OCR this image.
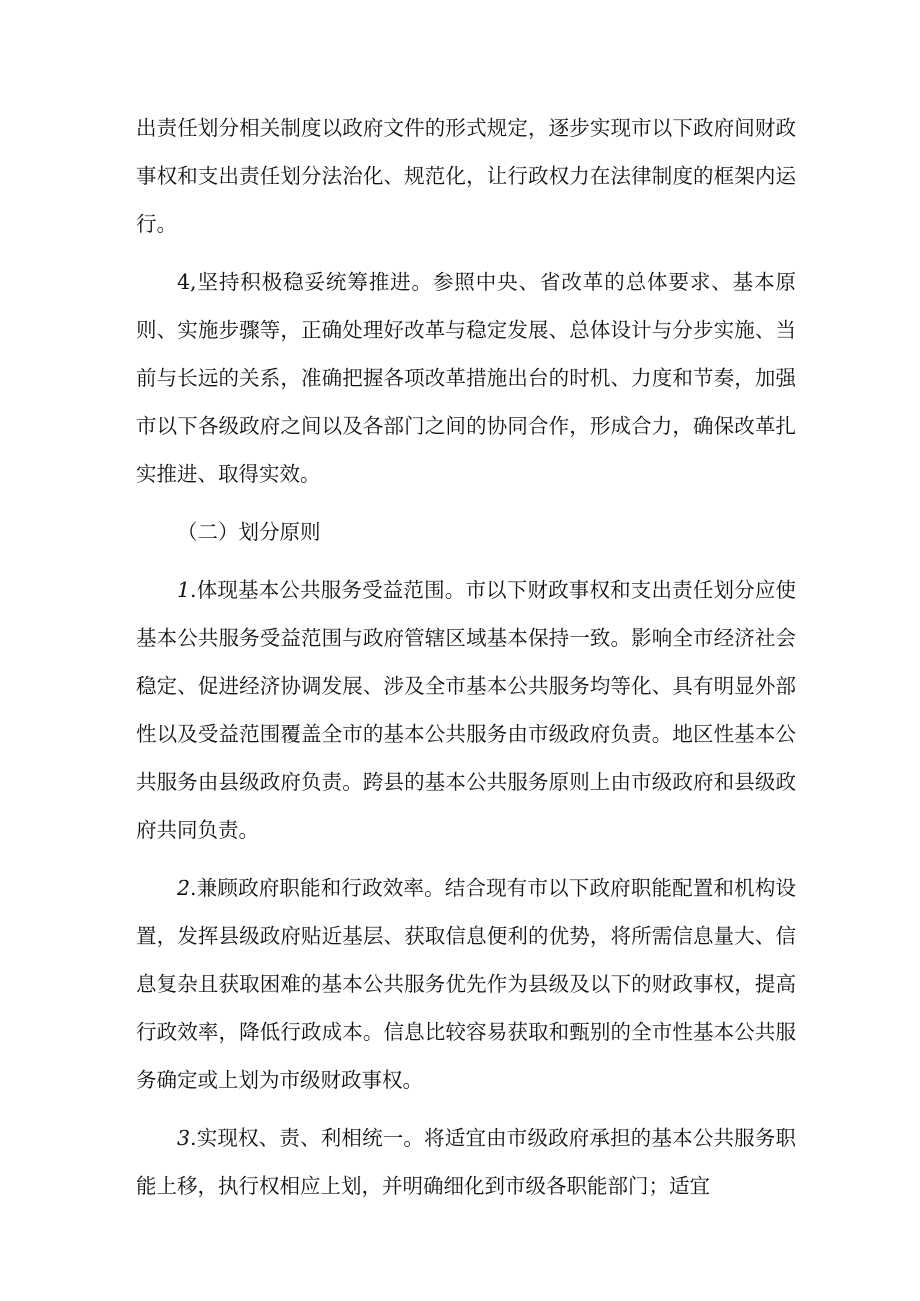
出责任划分相关制度以政府文件的形式规定，逐步实现市以下政府间财政事权和支出责任划分法治化、规范化，让行政权力在法律制度的框架内运行。

4,坚持积极稳妥统筹推进。参照中央、省改革的总体要求、基本原则、实施步骤等，正确处理好改革与稳定发展、总体设计与分步实施、当前与长远的关系，准确把握各项改革措施出台的时机、力度和节奏，加强市以下各级政府之间以及各部门之间的协同合作，形成合力，确保改革扎实推进、取得实效。

（二）划分原则

1.体现基本公共服务受益范围。市以下财政事权和支出责任划分应使基本公共服务受益范围与政府管辖区域基本保持一致。影响全市经济社会稳定、促进经济协调发展、涉及全市基本公共服务均等化、具有明显外部性以及受益范围覆盖全市的基本公共服务由市级政府负责。地区性基本公共服务由县级政府负责。跨县的基本公共服务原则上由市级政府和县级政府共同负责。

2.兼顾政府职能和行政效率。结合现有市以下政府职能配置和机构设置，发挥县级政府贴近基层、获取信息便利的优势，将所需信息量大、信息复杂且获取困难的基本公共服务优先作为县级及以下的财政事权，提高行政效率，降低行政成本。信息比较容易获取和甄别的全市性基本公共服务确定或上划为市级财政事权。

3.实现权、责、利相统一。将适宜由市级政府承担的基本公共服务职能上移，执行权相应上划，并明确细化到市级各职能部门；适宜
